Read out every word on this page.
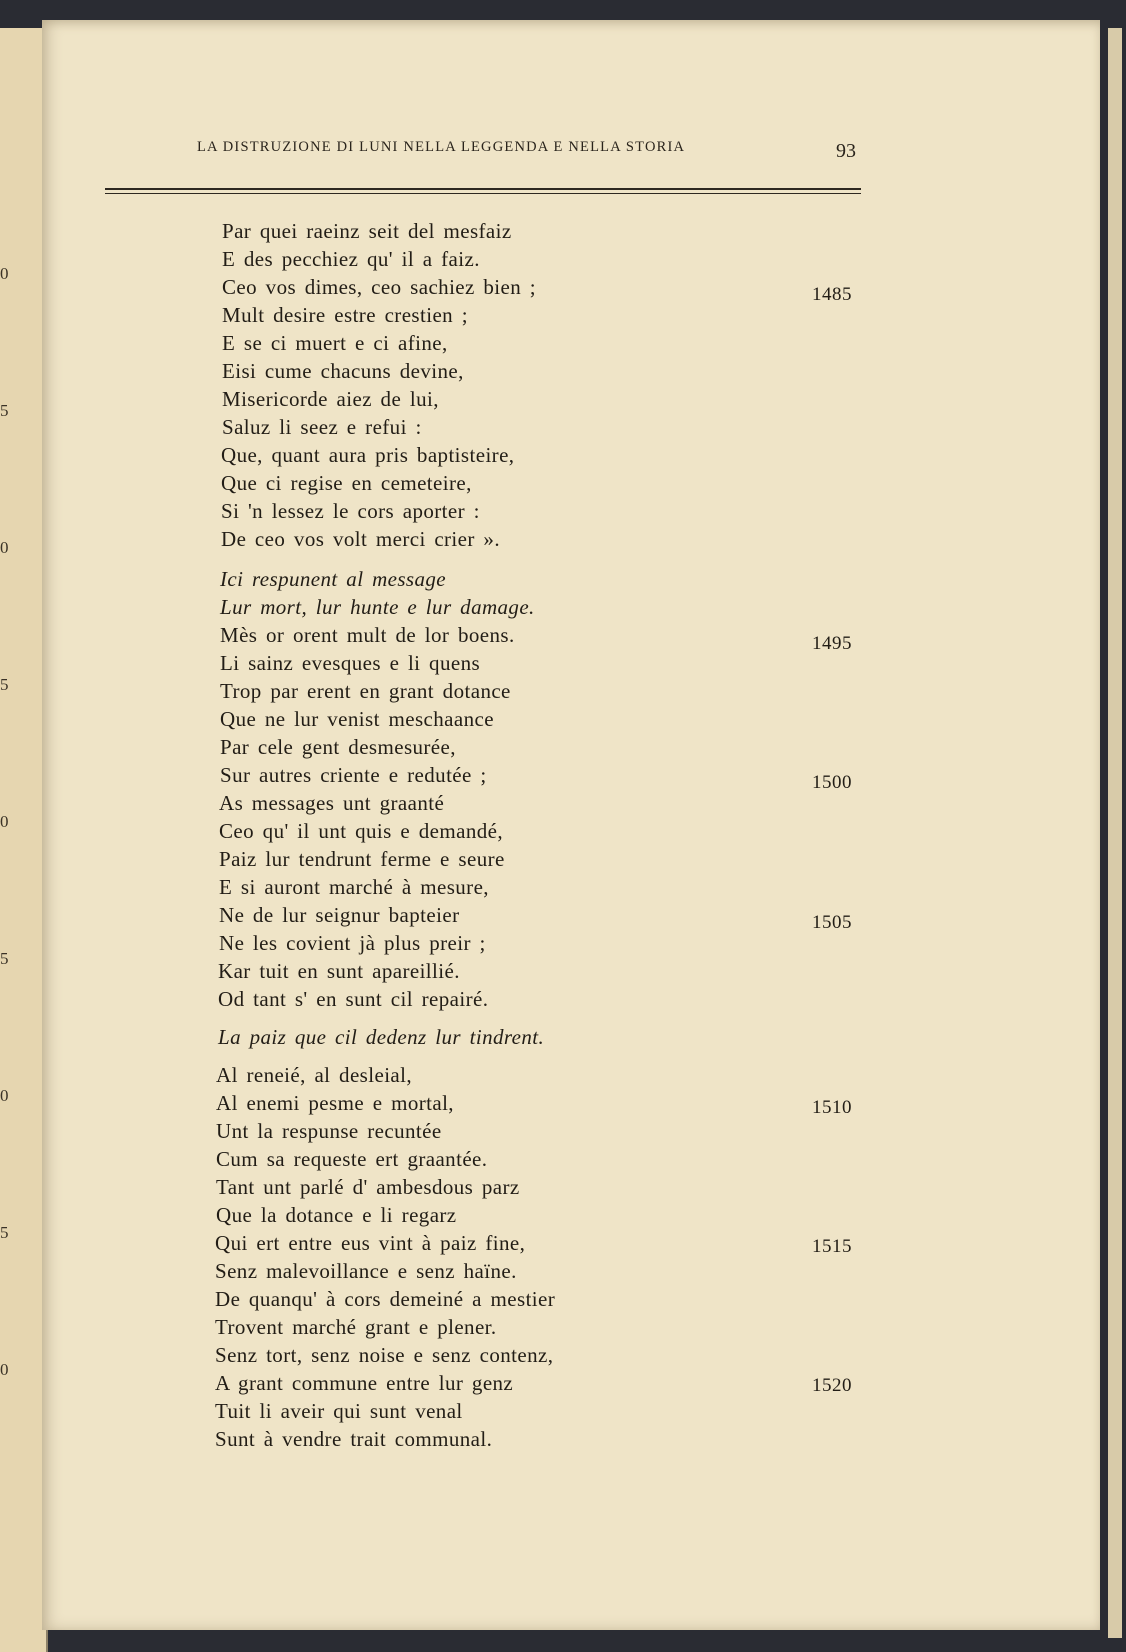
0
5
0
5
0
5
0
5
0
LA DISTRUZIONE DI LUNI NELLA LEGGENDA E NELLA STORIA	93
Par quei raeinz seit del mesfaiz
E des pecchiez qu' il a faiz.
Ceo vos dimes, ceo sachiez bien ;
Mult desire estre crestien ;
E se ci muert e ci afine,
Eisi cume chacuns devine,
Misericorde aiez de lui,
Saluz li seez e refui :
Que, quant aura pris baptisteire,
Que ci regise en cemeteire,
Si 'n lessez le cors aporter :
De ceo vos volt merci crier ».
Ici respunent al message
Lur mort, lur hunte e lur damage.
Mès or orent mult de lor boens.
Li sainz evesques e li quens
Trop par erent en grant dotance
Que ne lur venist meschaance
Par cele gent desmesurée,
Sur autres criente e redutée ;
As messages unt graanté
Ceo qu' il unt quis e demandé,
Paiz lur tendrunt ferme e seure
E si auront marché à mesure,
Ne de lur seignur bapteier
Ne les covient jà plus preir ;
Kar tuit en sunt apareillié.
Od tant s' en sunt cil repairé.
La paiz que cil dedenz lur tindrent.
Al reneié, al desleial,
Al enemi pesme e mortal,
Unt la respunse recuntée
Cum sa requeste ert graantée.
Tant unt parlé d' ambesdous parz
Que la dotance e li regarz
Qui ert entre eus vint à paiz fine,
Senz malevoillance e senz haïne.
De quanqu' à cors demeiné a mestier
Trovent marché grant e plener.
Senz tort, senz noise e senz contenz,
A grant commune entre lur genz
Tuit li aveir qui sunt venal
Sunt à vendre trait communal.
1485
1495
1500
1505
1510
1515
1520
